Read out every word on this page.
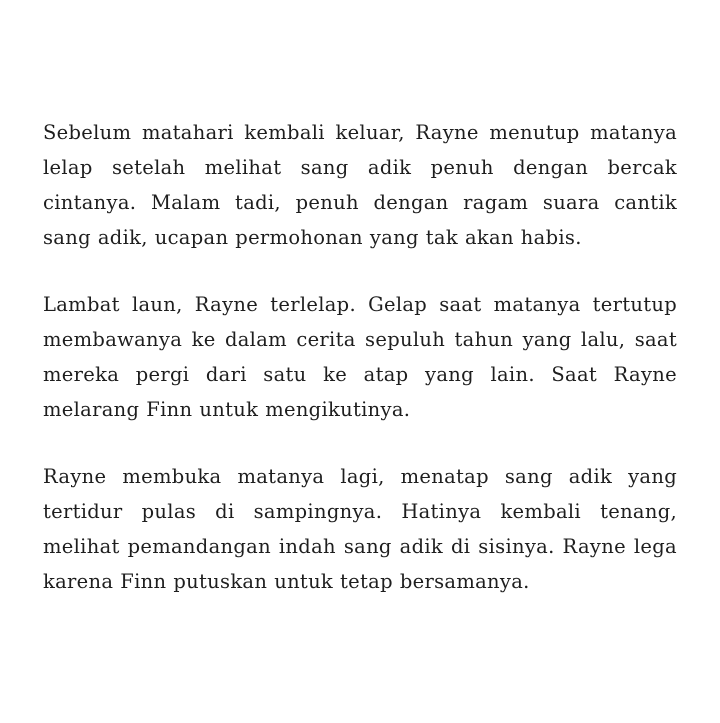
Sebelum matahari kembali keluar, Rayne menutup matanya lelap setelah melihat sang adik penuh dengan bercak cintanya. Malam tadi, penuh dengan ragam suara cantik sang adik, ucapan permohonan yang tak akan habis.

Lambat laun, Rayne terlelap. Gelap saat matanya tertutup membawanya ke dalam cerita sepuluh tahun yang lalu, saat mereka pergi dari satu ke atap yang lain. Saat Rayne melarang Finn untuk mengikutinya.

Rayne membuka matanya lagi, menatap sang adik yang tertidur pulas di sampingnya. Hatinya kembali tenang, melihat pemandangan indah sang adik di sisinya. Rayne lega karena Finn putuskan untuk tetap bersamanya.
